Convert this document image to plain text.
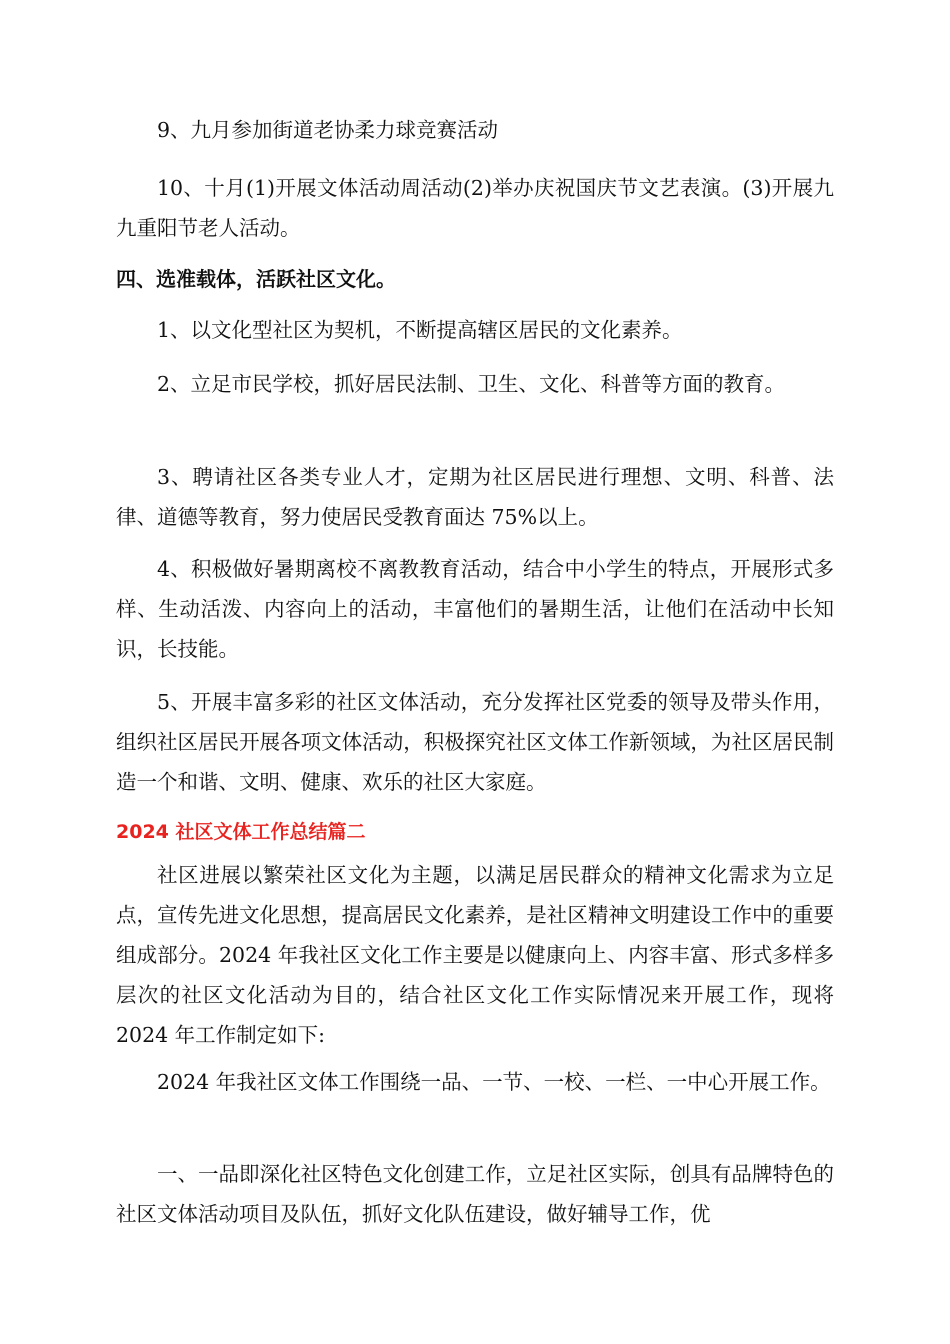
9、九月参加街道老协柔力球竞赛活动

10、十月(1)开展文体活动周活动(2)举办庆祝国庆节文艺表演。(3)开展九九重阳节老人活动。

四、选准载体，活跃社区文化。

1、以文化型社区为契机，不断提高辖区居民的文化素养。

2、立足市民学校，抓好居民法制、卫生、文化、科普等方面的教育。

3、聘请社区各类专业人才，定期为社区居民进行理想、文明、科普、法律、道德等教育，努力使居民受教育面达 75%以上。

4、积极做好暑期离校不离教教育活动，结合中小学生的特点，开展形式多样、生动活泼、内容向上的活动，丰富他们的暑期生活，让他们在活动中长知识，长技能。

5、开展丰富多彩的社区文体活动，充分发挥社区党委的领导及带头作用，组织社区居民开展各项文体活动，积极探究社区文体工作新领域，为社区居民制造一个和谐、文明、健康、欢乐的社区大家庭。

2024 社区文体工作总结篇二

社区进展以繁荣社区文化为主题，以满足居民群众的精神文化需求为立足点，宣传先进文化思想，提高居民文化素养，是社区精神文明建设工作中的重要组成部分。2024 年我社区文化工作主要是以健康向上、内容丰富、形式多样多层次的社区文化活动为目的，结合社区文化工作实际情况来开展工作，现将 2024 年工作制定如下:

2024 年我社区文体工作围绕一品、一节、一校、一栏、一中心开展工作。

一、一品即深化社区特色文化创建工作，立足社区实际，创具有品牌特色的社区文体活动项目及队伍，抓好文化队伍建设，做好辅导工作，优
